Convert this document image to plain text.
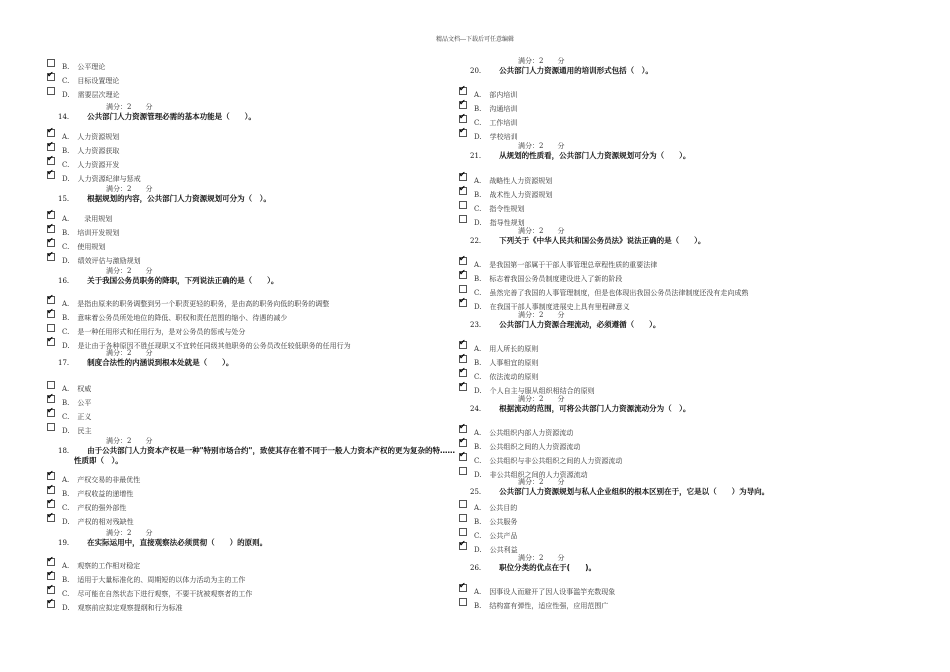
精品文档---下载后可任意编辑
B. 公平理论
✔
C. 目标设置理论
D. 需要层次理论
满分：2　　分
14. 公共部门人力资源管理必需的基本功能是（　　）。
✔
A. 人力资源规划
✔
B. 人力资源获取
✔
C. 人力资源开发
✔
D. 人力资源纪律与惩戒
满分：2　　分
15. 根据规划的内容，公共部门人力资源规划可分为（　）。
✔
A.　录用规划
✔
B. 培训开发规划
✔
C. 使用规划
✔
D. 绩效评估与激励规划
满分：2　　分
16. 关于我国公务员职务的降职，下列说法正确的是（　　）。
✔
A. 是指由原来的职务调整到另一个职责更轻的职务，是由高的职务向低的职务的调整
✔
B. 意味着公务员所处地位的降低、职权和责任范围的缩小、待遇的减少
C. 是一种任用形式和任用行为，是对公务员的惩戒与处分
✔
D. 是让由于各种原因不胜任现职又不宜转任同级其他职务的公务员改任较低职务的任用行为
满分：2　　分
17. 制度合法性的内涵说到根本处就是（　　）。
A. 权威
✔
B. 公平
✔
C. 正义
D. 民主
满分：2　　分
18. 由于公共部门人力资本产权是一种"特别市场合约"，致使其存在着不同于一般人力资本产权的更为复杂的特……
性质即（　）。
✔
A. 产权交易的非最优性
✔
B. 产权收益的递增性
✔
C. 产权的强外部性
✔
D. 产权的相对残缺性
满分：2　　分
19. 在实际运用中，直接观察法必须贯彻（　　）的原则。
✔
A. 观察的工作相对稳定
✔
B. 适用于大量标准化的、周期短的以体力活动为主的工作
✔
C. 尽可能在自然状态下进行观察，不要干扰被观察者的工作
✔
D. 观察前应拟定观察提纲和行为标准
满分：2　　分
20. 公共部门人力资源通用的培训形式包括（　）。
✔
A. 部内培训
✔
B. 沟通培训
✔
C. 工作培训
✔
D. 学校培训
满分：2　　分
21. 从规划的性质看，公共部门人力资源规划可分为（　　）。
✔
A. 战略性人力资源规划
✔
B. 战术性人力资源规划
C. 指令性规划
D. 指导性规划
满分：2　　分
22. 下列关于《中华人民共和国公务员法》说法正确的是（　　）。
✔
A. 是我国第一部属于干部人事管理总章程性质的重要法律
✔
B. 标志着我国公务员制度建设进入了新的阶段
C. 虽然完善了我国的人事管理制度，但是也体现出我国公务员法律制度还没有走向成熟
✔
D. 在我国干部人事制度进展史上具有里程碑意义
满分：2　　分
23. 公共部门人力资源合理流动，必须遵循（　　）。
✔
A. 用人所长的原则
✔
B. 人事相宜的原则
✔
C. 依法流动的原则
✔
D. 个人自主与服从组织相结合的原则
满分：2　　分
24. 根据流动的范围，可将公共部门人力资源流动分为（　）。
✔
A. 公共组织内部人力资源流动
✔
B. 公共组织之间的人力资源流动
✔
C. 公共组织与非公共组织之间的人力资源流动
D. 非公共组织之间的人力资源流动
满分：2　　分
25. 公共部门人力资源规划与私人企业组织的根本区别在于，它是以（　　）为导向。
A. 公共目的
B. 公共服务
C. 公共产品
✔
D. 公共利益
满分：2　　分
26. 职位分类的优点在于(　　)。
✔
A. 因事设人而避开了因人设事滥竽充数现象
B. 结构富有弹性，适应性强，应用范围广
